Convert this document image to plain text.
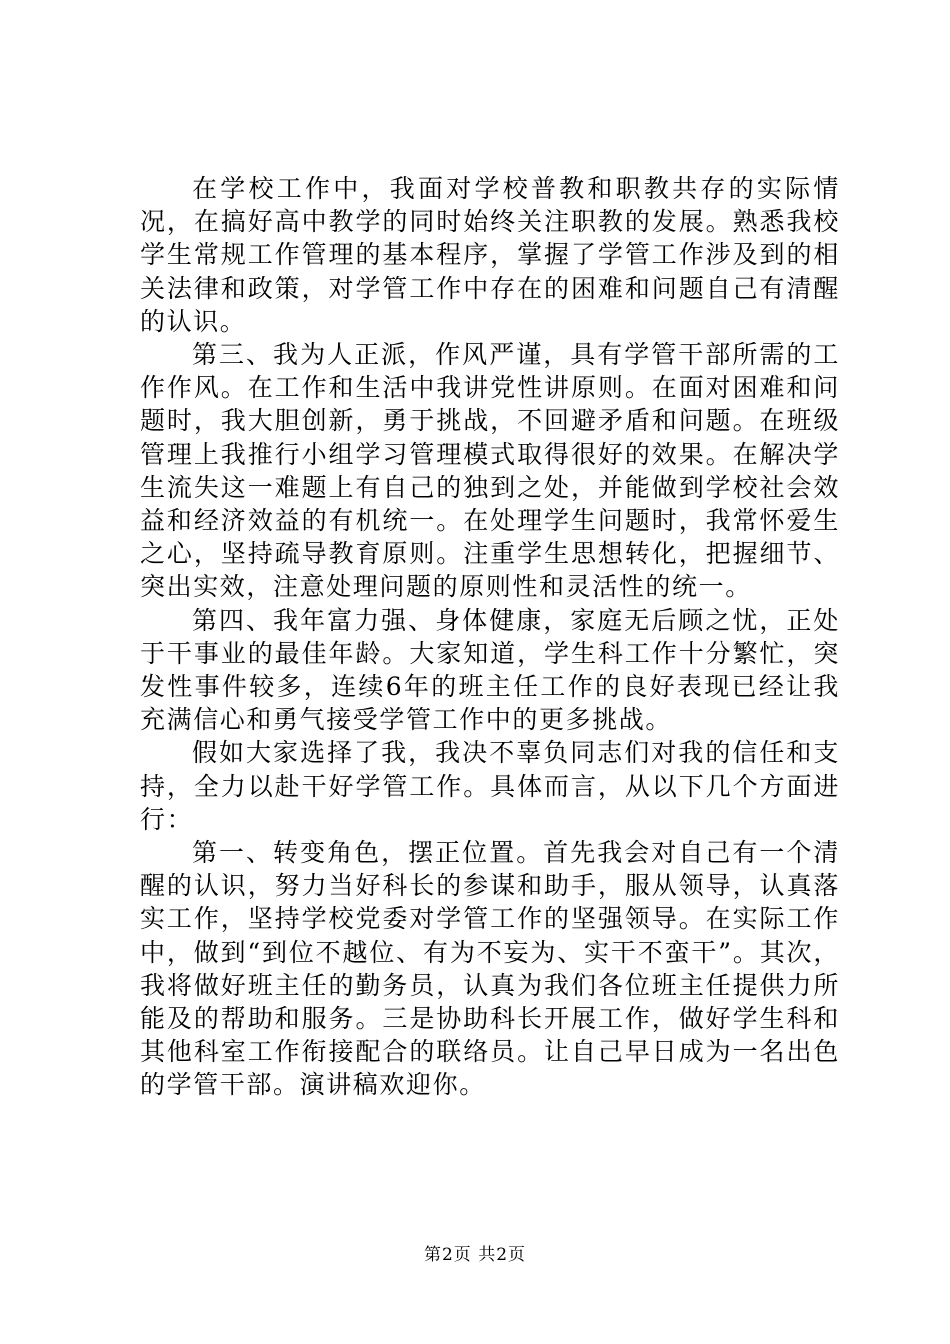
在学校工作中，我面对学校普教和职教共存的实际情况，在搞好高中教学的同时始终关注职教的发展。熟悉我校学生常规工作管理的基本程序，掌握了学管工作涉及到的相关法律和政策，对学管工作中存在的困难和问题自己有清醒的认识。

第三、我为人正派，作风严谨，具有学管干部所需的工作作风。在工作和生活中我讲党性讲原则。在面对困难和问题时，我大胆创新，勇于挑战，不回避矛盾和问题。在班级管理上我推行小组学习管理模式取得很好的效果。在解决学生流失这一难题上有自己的独到之处，并能做到学校社会效益和经济效益的有机统一。在处理学生问题时，我常怀爱生之心，坚持疏导教育原则。注重学生思想转化，把握细节、突出实效，注意处理问题的原则性和灵活性的统一。

第四、我年富力强、身体健康，家庭无后顾之忧，正处于干事业的最佳年龄。大家知道，学生科工作十分繁忙，突发性事件较多，连续6年的班主任工作的良好表现已经让我充满信心和勇气接受学管工作中的更多挑战。

假如大家选择了我，我决不辜负同志们对我的信任和支持，全力以赴干好学管工作。具体而言，从以下几个方面进行：

第一、转变角色，摆正位置。首先我会对自己有一个清醒的认识，努力当好科长的参谋和助手，服从领导，认真落实工作，坚持学校党委对学管工作的坚强领导。在实际工作中，做到“到位不越位、有为不妄为、实干不蛮干”。其次，我将做好班主任的勤务员，认真为我们各位班主任提供力所能及的帮助和服务。三是协助科长开展工作，做好学生科和其他科室工作衔接配合的联络员。让自己早日成为一名出色的学管干部。演讲稿欢迎你。

第2页 共2页
